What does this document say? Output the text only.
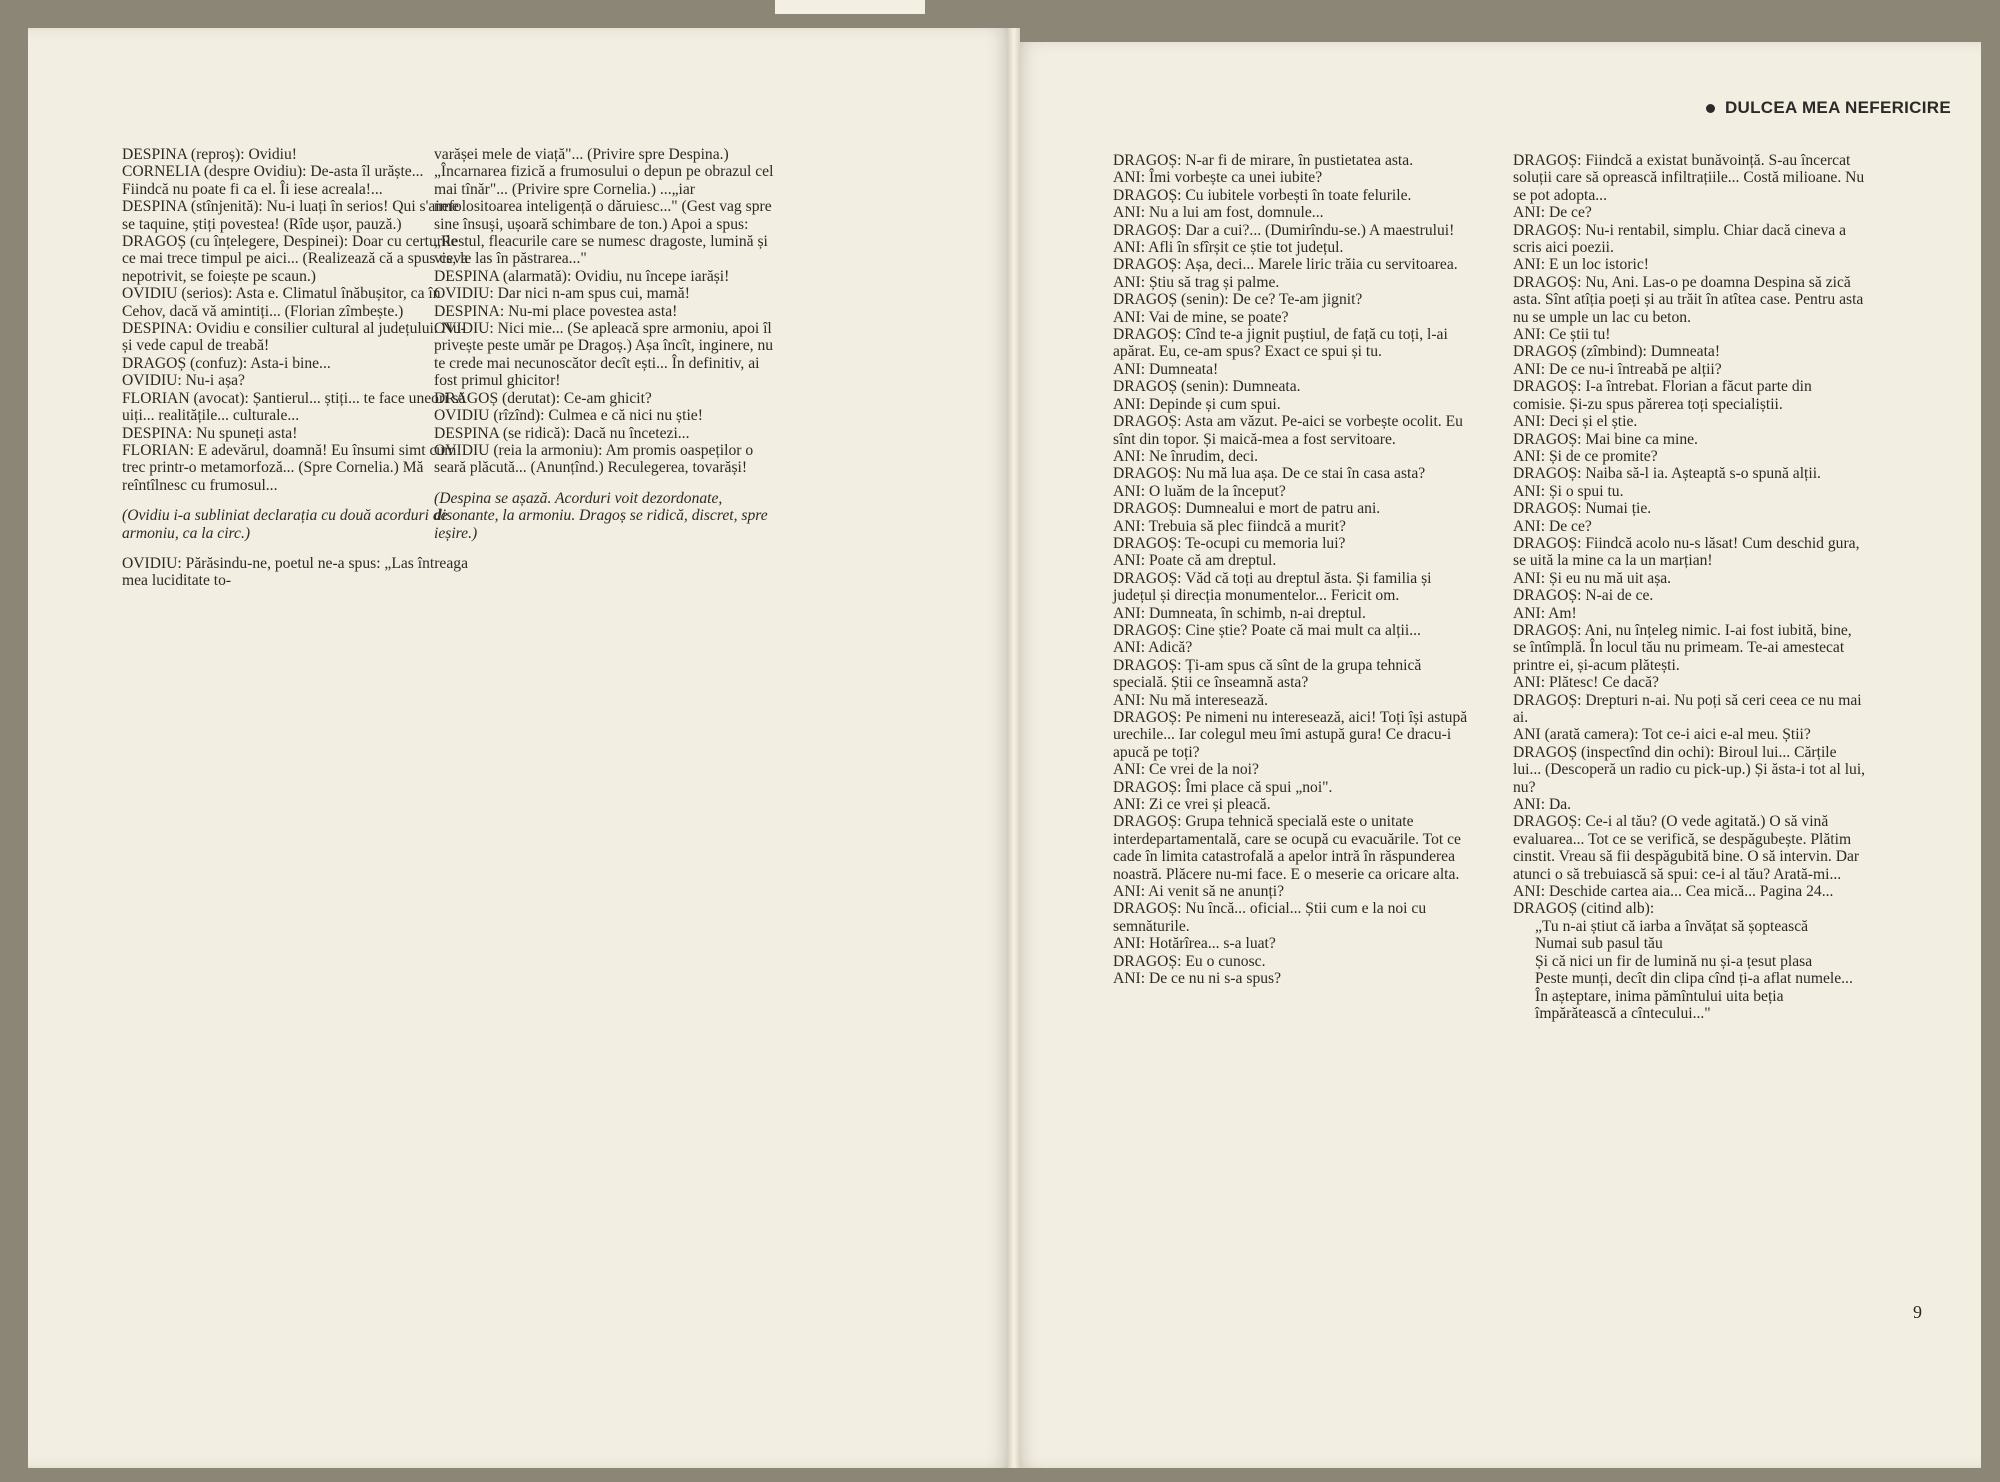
DESPINA (reproș): Ovidiu!

CORNELIA (despre Ovidiu): De-asta îl urăște... Fiindcă nu poate fi ca el. Îi iese acreala!...

DESPINA (stînjenită): Nu-i luați în serios! Qui s'aime se taquine, știți povestea! (Rîde ușor, pauză.)

DRAGOȘ (cu înțelegere, Despinei): Doar cu certurile ce mai trece timpul pe aici... (Realizează că a spus ceva nepotrivit, se foiește pe scaun.)

OVIDIU (serios): Asta e. Climatul înăbușitor, ca în Cehov, dacă vă amintiți... (Florian zîmbește.)

DESPINA: Ovidiu e consilier cultural al județului. Nu-și vede capul de treabă!

DRAGOȘ (confuz): Asta-i bine...

OVIDIU: Nu-i așa?

FLORIAN (avocat): Șantierul... știți... te face uneori să uiți... realitățile... culturale...

DESPINA: Nu spuneți asta!

FLORIAN: E adevărul, doamnă! Eu însumi simt cum trec printr-o metamorfoză... (Spre Cornelia.) Mă reîntîlnesc cu frumosul...

(Ovidiu i-a subliniat declarația cu două acorduri de armoniu, ca la circ.)

OVIDIU: Părăsindu-ne, poetul ne-a spus: „Las întreaga mea luciditate to-

varășei mele de viață"... (Privire spre Despina.) „Încarnarea fizică a frumosului o depun pe obrazul cel mai tînăr"... (Privire spre Cornelia.) ...„iar nefolositoarea inteligență o dăruiesc..." (Gest vag spre sine însuși, ușoară schimbare de ton.) Apoi a spus: „Restul, fleacurile care se numesc dragoste, lumină și vis, le las în păstrarea..."

DESPINA (alarmată): Ovidiu, nu începe iarăși!

OVIDIU: Dar nici n-am spus cui, mamă!

DESPINA: Nu-mi place povestea asta!

OVIDIU: Nici mie... (Se apleacă spre armoniu, apoi îl privește peste umăr pe Dragoș.) Așa încît, inginere, nu te crede mai necunoscător decît ești... În definitiv, ai fost primul ghicitor!

DRAGOȘ (derutat): Ce-am ghicit?

OVIDIU (rîzînd): Culmea e că nici nu știe!

DESPINA (se ridică): Dacă nu încetezi...

OVIDIU (reia la armoniu): Am promis oaspeților o seară plăcută... (Anunțînd.) Reculegerea, tovarăși!

(Despina se așază. Acorduri voit dezordonate, disonante, la armoniu. Dragoș se ridică, discret, spre ieșire.)

DULCEA MEA NEFERICIRE

DRAGOȘ: N-ar fi de mirare, în pustietatea asta.

ANI: Îmi vorbește ca unei iubite?

DRAGOȘ: Cu iubitele vorbești în toate felurile.

ANI: Nu a lui am fost, domnule...

DRAGOȘ: Dar a cui?... (Dumirîndu-se.) A maestrului!

ANI: Afli în sfîrșit ce știe tot județul.

DRAGOȘ: Așa, deci... Marele liric trăia cu servitoarea.

ANI: Știu să trag și palme.

DRAGOȘ (senin): De ce? Te-am jignit?

ANI: Vai de mine, se poate?

DRAGOȘ: Cînd te-a jignit puștiul, de față cu toți, l-ai apărat. Eu, ce-am spus? Exact ce spui și tu.

ANI: Dumneata!

DRAGOȘ (senin): Dumneata.

ANI: Depinde și cum spui.

DRAGOȘ: Asta am văzut. Pe-aici se vorbește ocolit. Eu sînt din topor. Și maică-mea a fost servitoare.

ANI: Ne înrudim, deci.

DRAGOȘ: Nu mă lua așa. De ce stai în casa asta?

ANI: O luăm de la început?

DRAGOȘ: Dumnealui e mort de patru ani.

ANI: Trebuia să plec fiindcă a murit?

DRAGOȘ: Te-ocupi cu memoria lui?

ANI: Poate că am dreptul.

DRAGOȘ: Văd că toți au dreptul ăsta. Și familia și județul și direcția monumentelor... Fericit om.

ANI: Dumneata, în schimb, n-ai dreptul.

DRAGOȘ: Cine știe? Poate că mai mult ca alții...

ANI: Adică?

DRAGOȘ: Ți-am spus că sînt de la grupa tehnică specială. Știi ce înseamnă asta?

ANI: Nu mă interesează.

DRAGOȘ: Pe nimeni nu interesează, aici! Toți își astupă urechile... Iar colegul meu îmi astupă gura! Ce dracu-i apucă pe toți?

ANI: Ce vrei de la noi?

DRAGOȘ: Îmi place că spui „noi".

ANI: Zi ce vrei și pleacă.

DRAGOȘ: Grupa tehnică specială este o unitate interdepartamentală, care se ocupă cu evacuările. Tot ce cade în limita catastrofală a apelor intră în răspunderea noastră. Plăcere nu-mi face. E o meserie ca oricare alta.

ANI: Ai venit să ne anunți?

DRAGOȘ: Nu încă... oficial... Știi cum e la noi cu semnăturile.

ANI: Hotărîrea... s-a luat?

DRAGOȘ: Eu o cunosc.

ANI: De ce nu ni s-a spus?

DRAGOȘ: Fiindcă a existat bunăvoință. S-au încercat soluții care să oprească infiltrațiile... Costă milioane. Nu se pot adopta...

ANI: De ce?

DRAGOȘ: Nu-i rentabil, simplu. Chiar dacă cineva a scris aici poezii.

ANI: E un loc istoric!

DRAGOȘ: Nu, Ani. Las-o pe doamna Despina să zică asta. Sînt atîția poeți și au trăit în atîtea case. Pentru asta nu se umple un lac cu beton.

ANI: Ce știi tu!

DRAGOȘ (zîmbind): Dumneata!

ANI: De ce nu-i întreabă pe alții?

DRAGOȘ: I-a întrebat. Florian a făcut parte din comisie. Și-zu spus părerea toți specialiștii.

ANI: Deci și el știe.

DRAGOȘ: Mai bine ca mine.

ANI: Și de ce promite?

DRAGOȘ: Naiba să-l ia. Așteaptă s-o spună alții.

ANI: Și o spui tu.

DRAGOȘ: Numai ție.

ANI: De ce?

DRAGOȘ: Fiindcă acolo nu-s lăsat! Cum deschid gura, se uită la mine ca la un marțian!

ANI: Și eu nu mă uit așa.

DRAGOȘ: N-ai de ce.

ANI: Am!

DRAGOȘ: Ani, nu înțeleg nimic. I-ai fost iubită, bine, se întîmplă. În locul tău nu primeam. Te-ai amestecat printre ei, și-acum plătești.

ANI: Plătesc! Ce dacă?

DRAGOȘ: Drepturi n-ai. Nu poți să ceri ceea ce nu mai ai.

ANI (arată camera): Tot ce-i aici e-al meu. Știi?

DRAGOȘ (inspectînd din ochi): Biroul lui... Cărțile lui... (Descoperă un radio cu pick-up.) Și ăsta-i tot al lui, nu?

ANI: Da.

DRAGOȘ: Ce-i al tău? (O vede agitată.) O să vină evaluarea... Tot ce se verifică, se despăgubește. Plătim cinstit. Vreau să fii despăgubită bine. O să intervin. Dar atunci o să trebuiască să spui: ce-i al tău? Arată-mi...

ANI: Deschide cartea aia... Cea mică... Pagina 24...

DRAGOȘ (citind alb):

„Tu n-ai știut că iarba a învățat să șoptească

Numai sub pasul tău

Și că nici un fir de lumină nu și-a țesut plasa

Peste munți, decît din clipa cînd ți-a aflat numele...

În așteptare, inima pămîntului uita bețiа împărătească a cîntecului..."

9
